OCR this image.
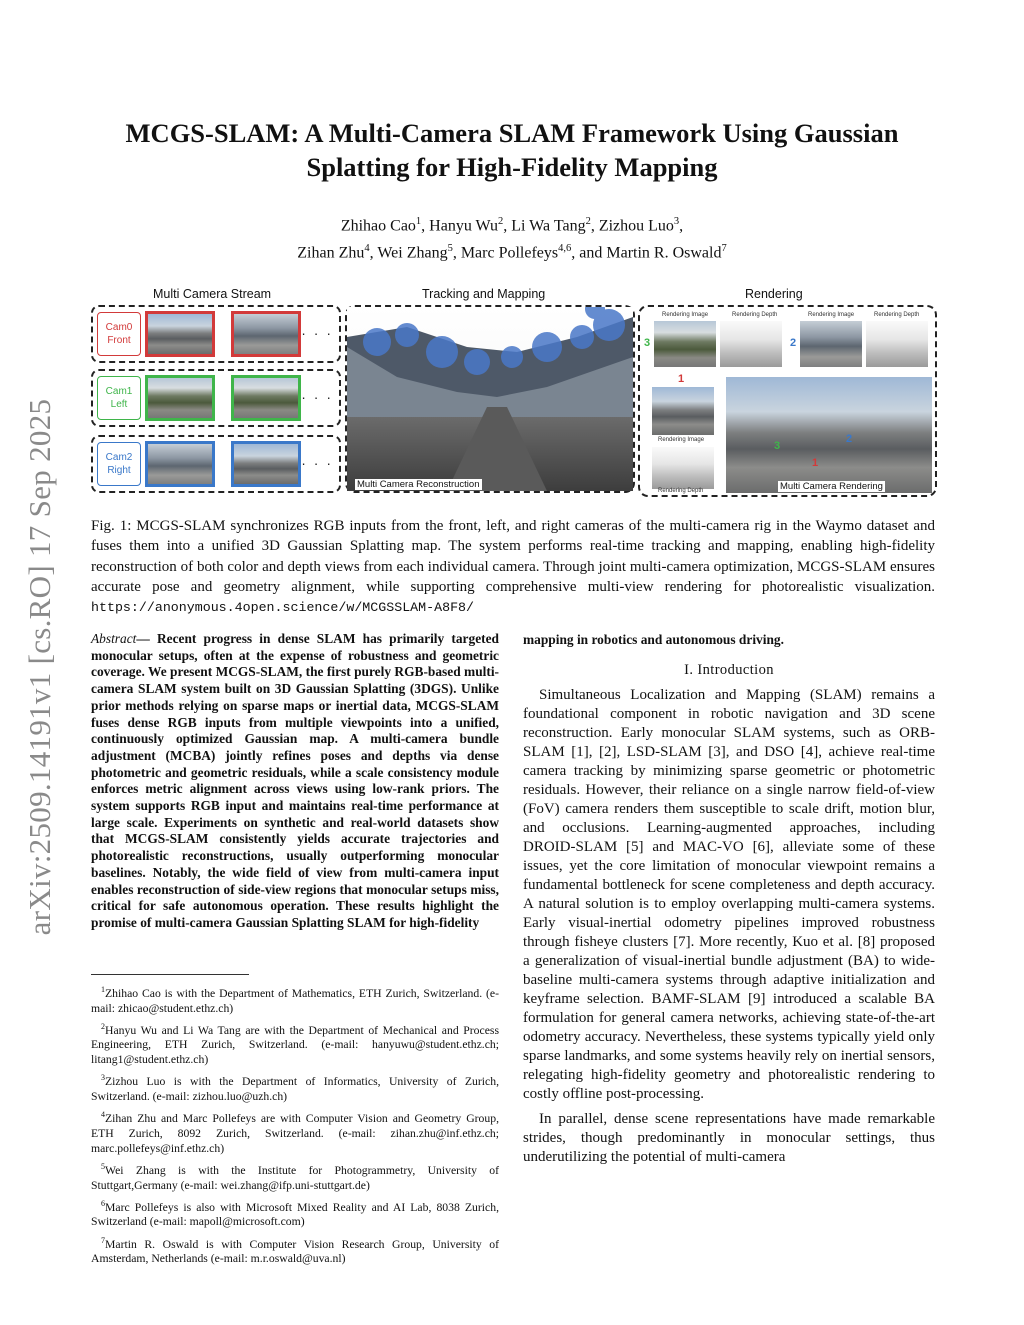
arXiv:2509.14191v1 [cs.RO] 17 Sep 2025
MCGS-SLAM: A Multi-Camera SLAM Framework Using Gaussian
Splatting for High-Fidelity Mapping
Zhihao Cao$^1$, Hanyu Wu$^2$, Li Wa Tang$^2$, Zizhou Luo$^3$,
Zihan Zhu$^4$, Wei Zhang$^5$, Marc Pollefeys$^{4,6}$, and Martin R. Oswald$^7$
Multi Camera Stream	Tracking and Mapping	Rendering
Cam0 Front	· · ·
Cam1 Left	· · ·
Cam2 Right	· · ·
Multi Camera Reconstruction
Rendering Image	Rendering Depth	Rendering Image	Rendering Depth
3	2
1
Rendering Image
Rendering Depth
3
2
1
Multi Camera Rendering
Fig. 1: MCGS-SLAM synchronizes RGB inputs from the front, left, and right cameras of the multi-camera rig in the Waymo dataset and fuses them into a unified 3D Gaussian Splatting map. The system performs real-time tracking and mapping, enabling high-fidelity reconstruction of both color and depth views from each individual camera. Through joint multi-camera optimization, MCGS-SLAM ensures accurate pose and geometry alignment, while supporting comprehensive multi-view rendering for photorealistic visualization. https://anonymous.4open.science/w/MCGSSLAM-A8F8/
Abstract— Recent progress in dense SLAM has primarily targeted monocular setups, often at the expense of robustness and geometric coverage. We present MCGS-SLAM, the first purely RGB-based multi-camera SLAM system built on 3D Gaussian Splatting (3DGS). Unlike prior methods relying on sparse maps or inertial data, MCGS-SLAM fuses dense RGB inputs from multiple viewpoints into a unified, continuously optimized Gaussian map. A multi-camera bundle adjustment (MCBA) jointly refines poses and depths via dense photometric and geometric residuals, while a scale consistency module enforces metric alignment across views using low-rank priors. The system supports RGB input and maintains real-time performance at large scale. Experiments on synthetic and real-world datasets show that MCGS-SLAM consistently yields accurate trajectories and photorealistic reconstructions, usually outperforming monocular baselines. Notably, the wide field of view from multi-camera input enables reconstruction of side-view regions that monocular setups miss, critical for safe autonomous operation. These results highlight the promise of multi-camera Gaussian Splatting SLAM for high-fidelity

$^1$Zhihao Cao is with the Department of Mathematics, ETH Zurich, Switzerland. (e-mail: zhicao@student.ethz.ch)

$^2$Hanyu Wu and Li Wa Tang are with the Department of Mechanical and Process Engineering, ETH Zurich, Switzerland. (e-mail: hanyuwu@student.ethz.ch; litang1@student.ethz.ch)

$^3$Zizhou Luo is with the Department of Informatics, University of Zurich, Switzerland. (e-mail: zizhou.luo@uzh.ch)

$^4$Zihan Zhu and Marc Pollefeys are with Computer Vision and Geometry Group, ETH Zurich, 8092 Zurich, Switzerland. (e-mail: zihan.zhu@inf.ethz.ch; marc.pollefeys@inf.ethz.ch)

$^5$Wei Zhang is with the Institute for Photogrammetry, University of Stuttgart,Germany (e-mail: wei.zhang@ifp.uni-stuttgart.de)

$^6$Marc Pollefeys is also with Microsoft Mixed Reality and AI Lab, 8038 Zurich, Switzerland (e-mail: mapoll@microsoft.com)

$^7$Martin R. Oswald is with Computer Vision Research Group, University of Amsterdam, Netherlands (e-mail: m.r.oswald@uva.nl)

mapping in robotics and autonomous driving.

I. Introduction

Simultaneous Localization and Mapping (SLAM) remains a foundational component in robotic navigation and 3D scene reconstruction. Early monocular SLAM systems, such as ORB-SLAM [1], [2], LSD-SLAM [3], and DSO [4], achieve real-time camera tracking by minimizing sparse geometric or photometric residuals. However, their reliance on a single narrow field-of-view (FoV) camera renders them susceptible to scale drift, motion blur, and occlusions. Learning-augmented approaches, including DROID-SLAM [5] and MAC-VO [6], alleviate some of these issues, yet the core limitation of monocular viewpoint remains a fundamental bottleneck for scene completeness and depth accuracy. A natural solution is to employ overlapping multi-camera systems. Early visual-inertial odometry pipelines improved robustness through fisheye clusters [7]. More recently, Kuo et al. [8] proposed a generalization of visual-inertial bundle adjustment (BA) to wide-baseline multi-camera systems through adaptive initialization and keyframe selection. BAMF-SLAM [9] introduced a scalable BA formulation for general camera networks, achieving state-of-the-art odometry accuracy. Nevertheless, these systems typically yield only sparse landmarks, and some systems heavily rely on inertial sensors, relegating high-fidelity geometry and photorealistic rendering to costly offline post-processing.

In parallel, dense scene representations have made remarkable strides, though predominantly in monocular settings, thus underutilizing the potential of multi-camera
